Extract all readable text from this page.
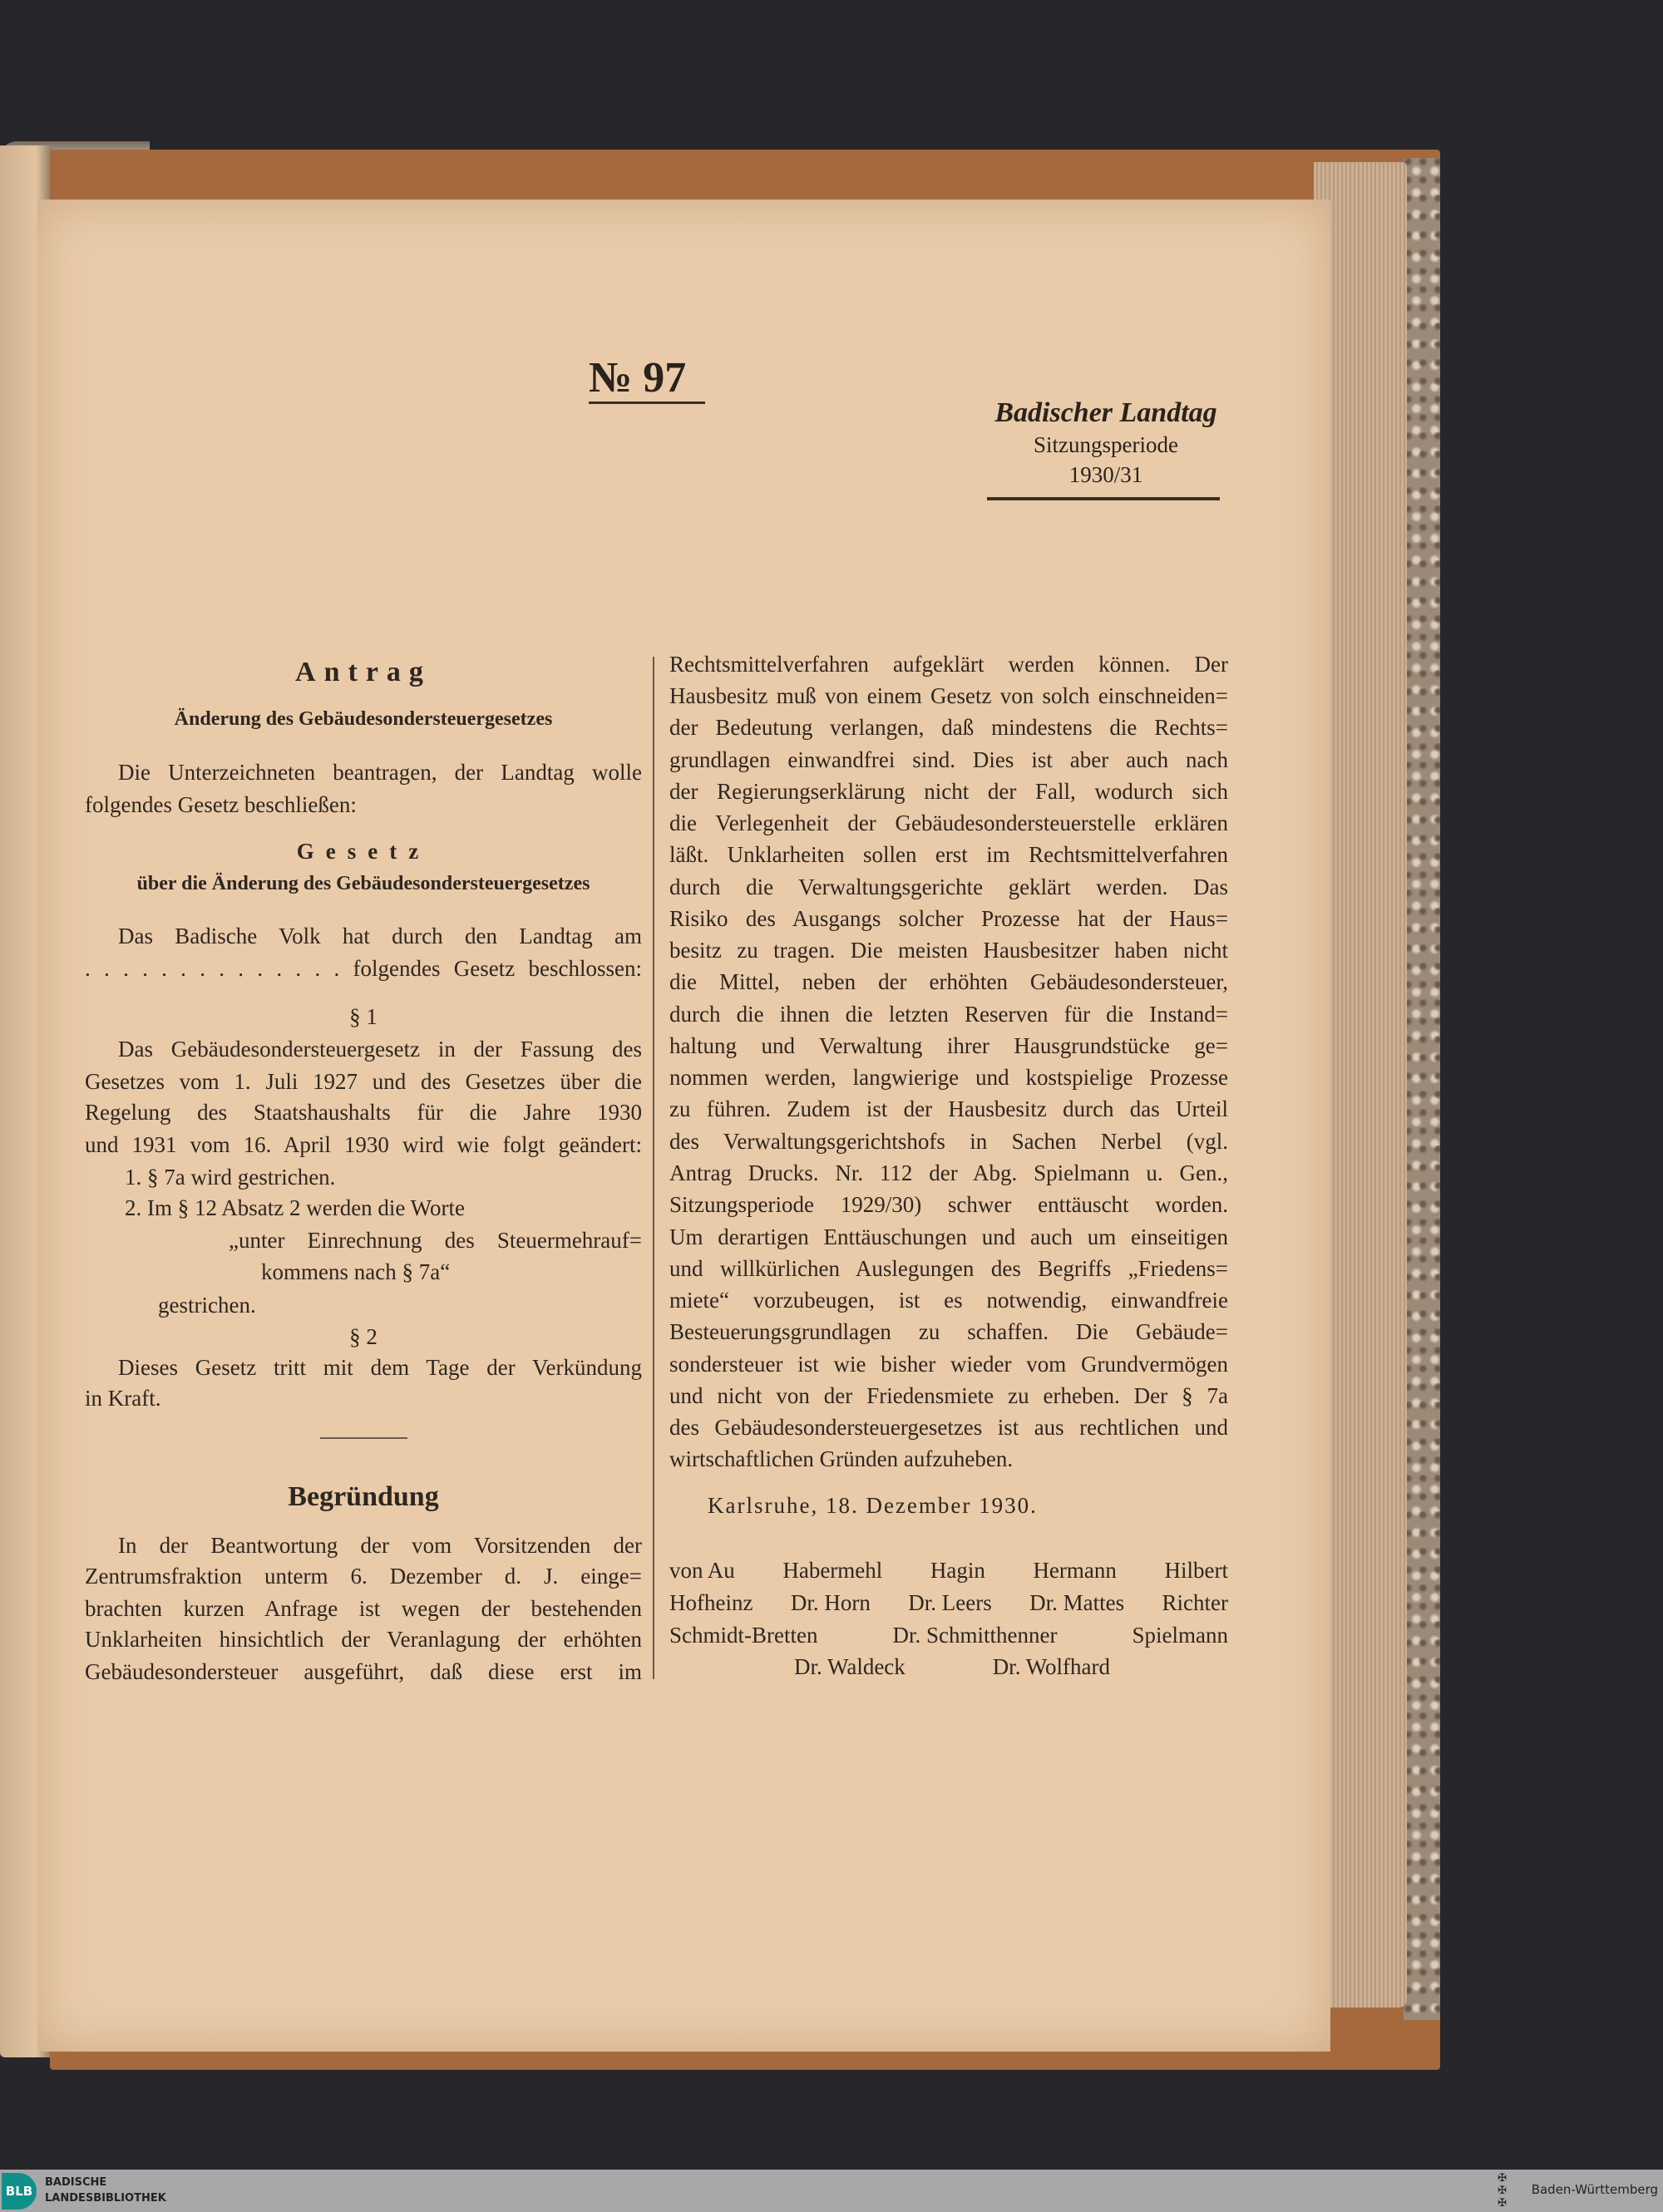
№ 97
Badischer Landtag
Sitzungsperiode
1930/31
Antrag
Änderung des Gebäudesondersteuergesetzes
Die Unterzeichneten beantragen, der Landtag wolle
folgendes Gesetz beschließen:
Gesetz
über die Änderung des Gebäudesondersteuergesetzes
Das Badische Volk hat durch den Landtag am
. . . . . . . . . . . . . . folgendes Gesetz beschlossen:
§ 1
Das Gebäudesondersteuergesetz in der Fassung des
Gesetzes vom 1. Juli 1927 und des Gesetzes über die
Regelung des Staatshaushalts für die Jahre 1930
und 1931 vom 16. April 1930 wird wie folgt geändert:
1. § 7a wird gestrichen.
2. Im § 12 Absatz 2 werden die Worte
„unter Einrechnung des Steuermehrauf=
kommens nach § 7a“
gestrichen.
§ 2
Dieses Gesetz tritt mit dem Tage der Verkündung
in Kraft.
Begründung
In der Beantwortung der vom Vorsitzenden der
Zentrumsfraktion unterm 6. Dezember d. J. einge=
brachten kurzen Anfrage ist wegen der bestehenden
Unklarheiten hinsichtlich der Veranlagung der erhöhten
Gebäudesondersteuer ausgeführt, daß diese erst im
Rechtsmittelverfahren aufgeklärt werden können. Der
Hausbesitz muß von einem Gesetz von solch einschneiden=
der Bedeutung verlangen, daß mindestens die Rechts=
grundlagen einwandfrei sind. Dies ist aber auch nach
der Regierungserklärung nicht der Fall, wodurch sich
die Verlegenheit der Gebäudesondersteuerstelle erklären
läßt. Unklarheiten sollen erst im Rechtsmittelverfahren
durch die Verwaltungsgerichte geklärt werden. Das
Risiko des Ausgangs solcher Prozesse hat der Haus=
besitz zu tragen. Die meisten Hausbesitzer haben nicht
die Mittel, neben der erhöhten Gebäudesondersteuer,
durch die ihnen die letzten Reserven für die Instand=
haltung und Verwaltung ihrer Hausgrundstücke ge=
nommen werden, langwierige und kostspielige Prozesse
zu führen. Zudem ist der Hausbesitz durch das Urteil
des Verwaltungsgerichtshofs in Sachen Nerbel (vgl.
Antrag Drucks. Nr. 112 der Abg. Spielmann u. Gen.,
Sitzungsperiode 1929/30) schwer enttäuscht worden.
Um derartigen Enttäuschungen und auch um einseitigen
und willkürlichen Auslegungen des Begriffs „Friedens=
miete“ vorzubeugen, ist es notwendig, einwandfreie
Besteuerungsgrundlagen zu schaffen. Die Gebäude=
sondersteuer ist wie bisher wieder vom Grundvermögen
und nicht von der Friedensmiete zu erheben. Der § 7a
des Gebäudesondersteuergesetzes ist aus rechtlichen und
wirtschaftlichen Gründen aufzuheben.
Karlsruhe, 18. Dezember 1930.
von Au Habermehl Hagin Hermann Hilbert
Hofheinz Dr. Horn Dr. Leers Dr. Mattes Richter
Schmidt-Bretten	Dr. Schmitthenner	Spielmann
Dr. Waldeck	Dr. Wolfhard
BLB
BADISCHE
LANDESBIBLIOTHEK
✠
✠
✠
Baden-Württemberg
